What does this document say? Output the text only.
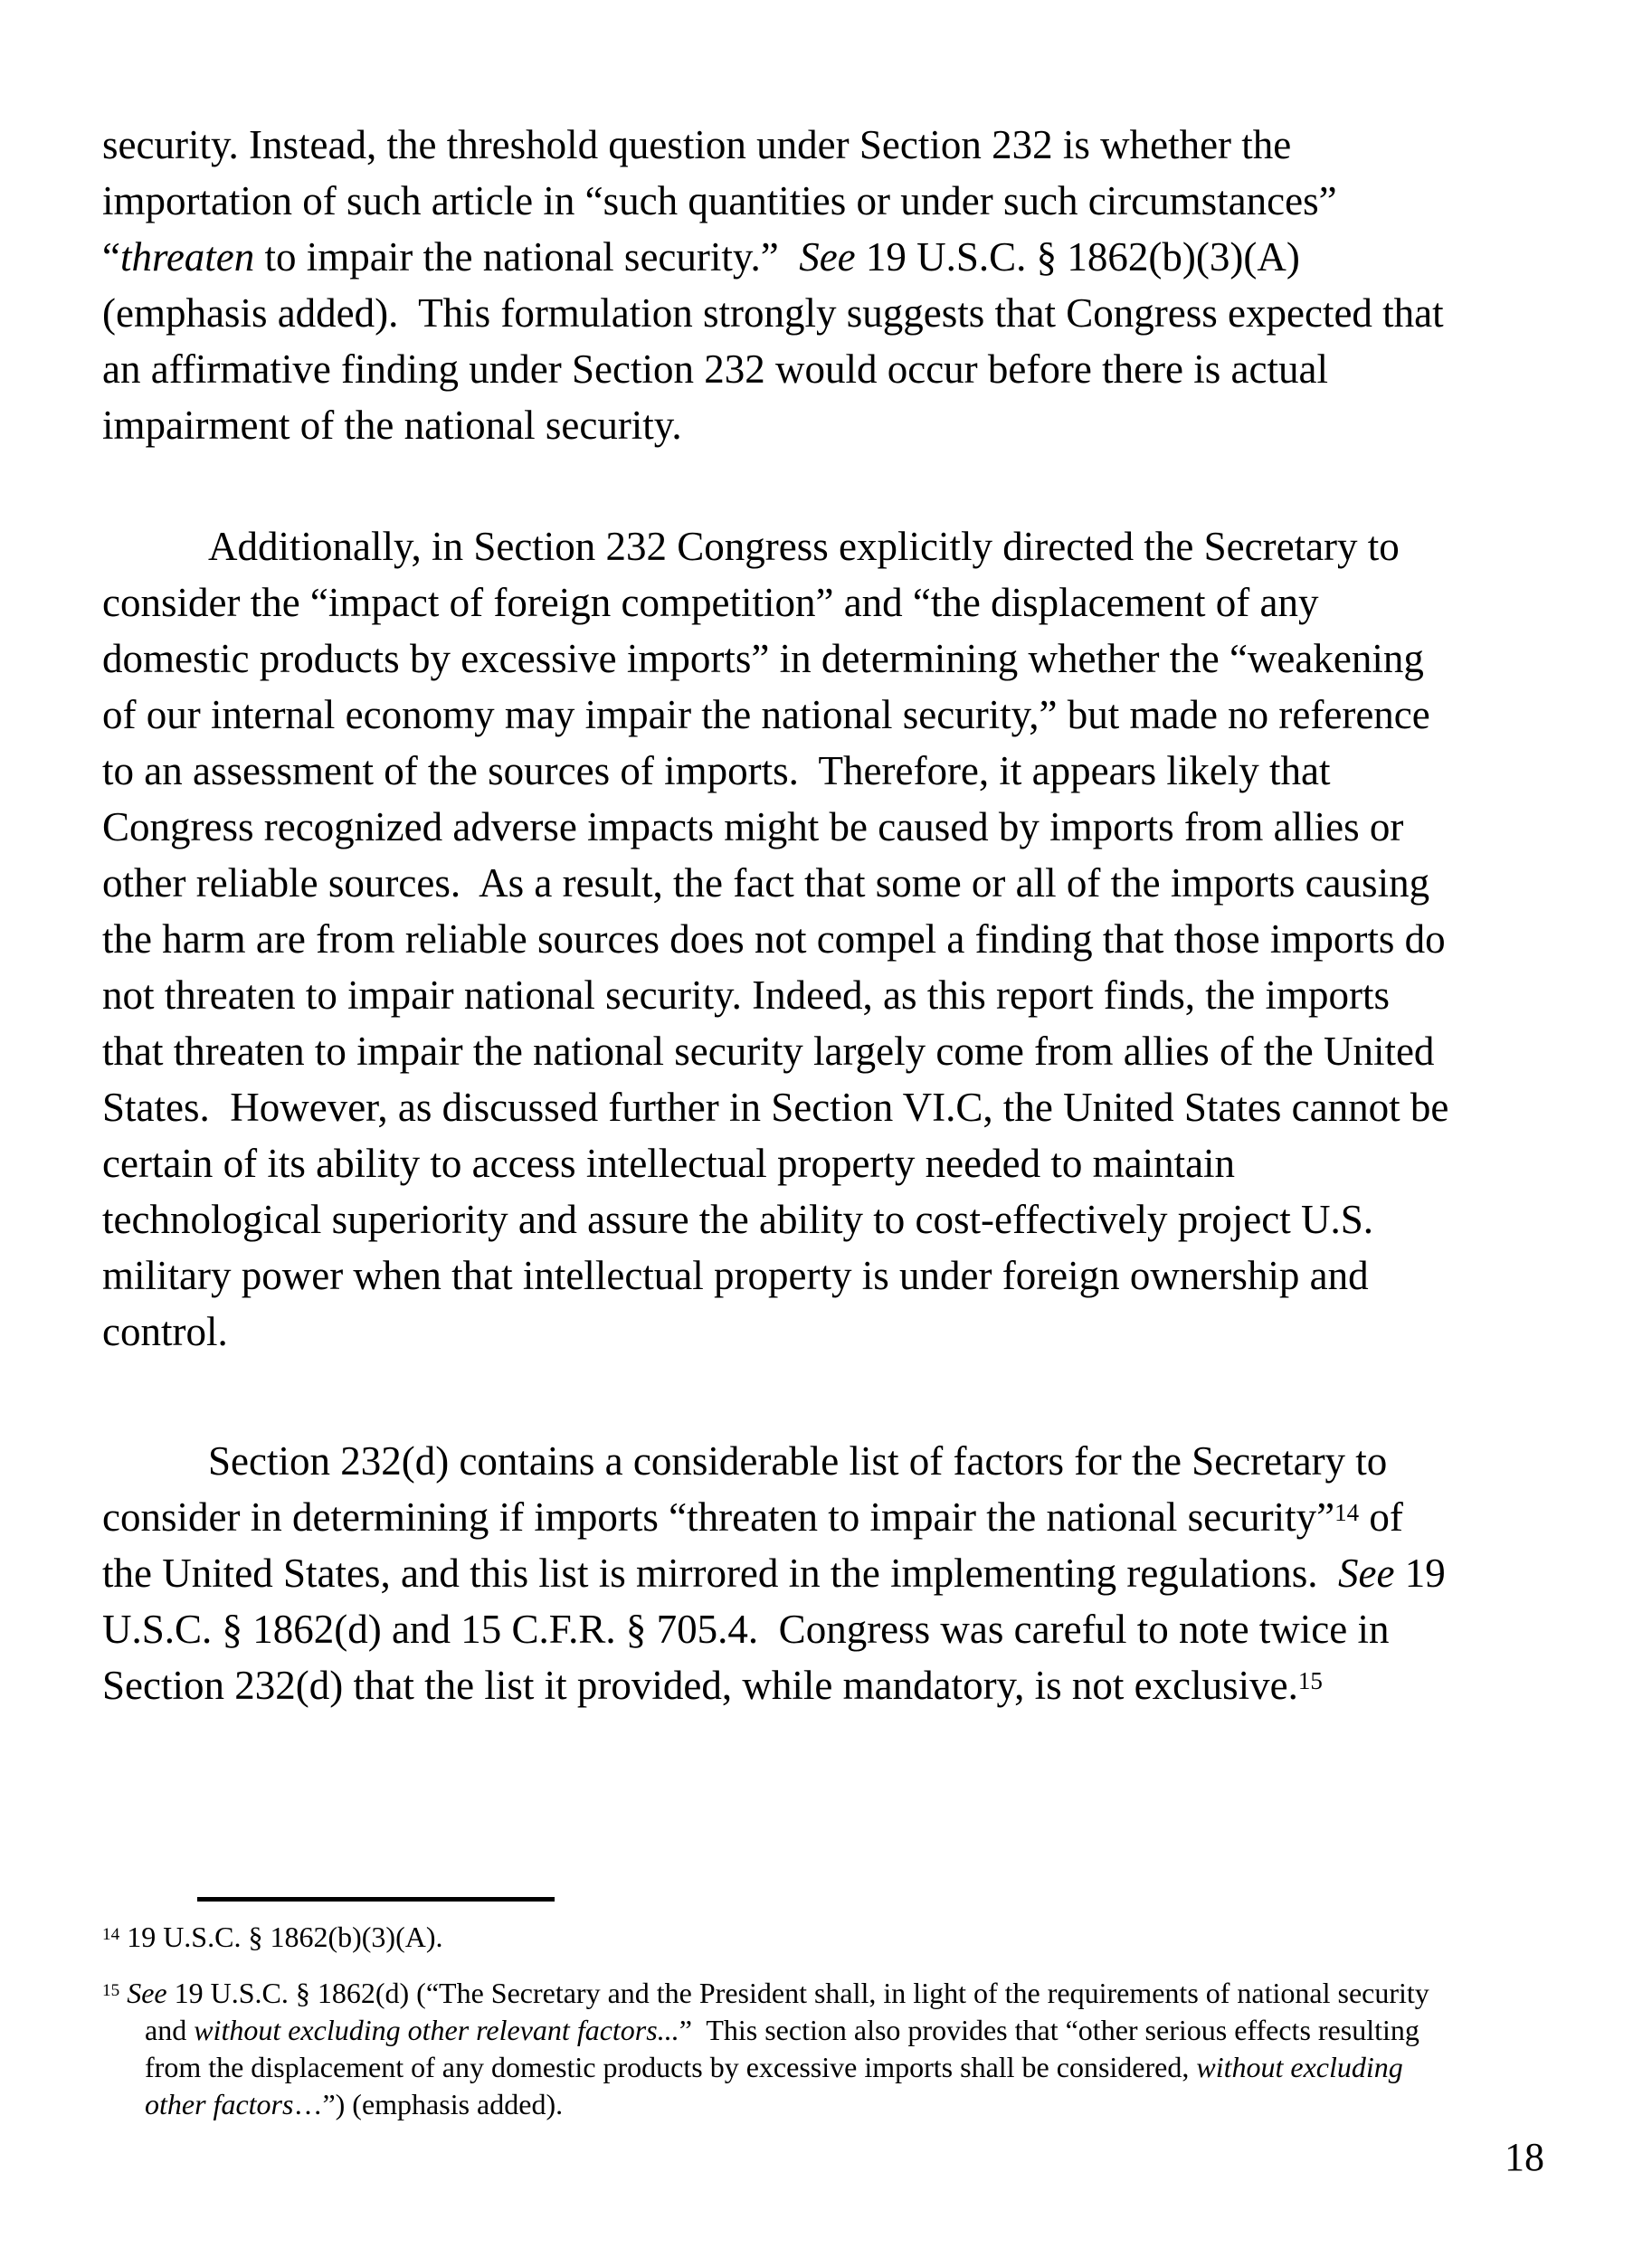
security. Instead, the threshold question under Section 232 is whether the
importation of such article in “such quantities or under such circumstances”
“threaten to impair the national security.”  See 19 U.S.C. § 1862(b)(3)(A)
(emphasis added).  This formulation strongly suggests that Congress expected that
an affirmative finding under Section 232 would occur before there is actual
impairment of the national security.
Additionally, in Section 232 Congress explicitly directed the Secretary to
consider the “impact of foreign competition” and “the displacement of any
domestic products by excessive imports” in determining whether the “weakening
of our internal economy may impair the national security,” but made no reference
to an assessment of the sources of imports.  Therefore, it appears likely that
Congress recognized adverse impacts might be caused by imports from allies or
other reliable sources.  As a result, the fact that some or all of the imports causing
the harm are from reliable sources does not compel a finding that those imports do
not threaten to impair national security. Indeed, as this report finds, the imports
that threaten to impair the national security largely come from allies of the United
States.  However, as discussed further in Section VI.C, the United States cannot be
certain of its ability to access intellectual property needed to maintain
technological superiority and assure the ability to cost-effectively project U.S.
military power when that intellectual property is under foreign ownership and
control.
Section 232(d) contains a considerable list of factors for the Secretary to
consider in determining if imports “threaten to impair the national security”$^{14}$ of
the United States, and this list is mirrored in the implementing regulations.  See 19
U.S.C. § 1862(d) and 15 C.F.R. § 705.4.  Congress was careful to note twice in
Section 232(d) that the list it provided, while mandatory, is not exclusive.$^{15}$
$^{14}$ 19 U.S.C. § 1862(b)(3)(A).
$^{15}$ See 19 U.S.C. § 1862(d) (“The Secretary and the President shall, in light of the requirements of national security
and without excluding other relevant factors...”  This section also provides that “other serious effects resulting
from the displacement of any domestic products by excessive imports shall be considered, without excluding
other factors…”) (emphasis added).
18
